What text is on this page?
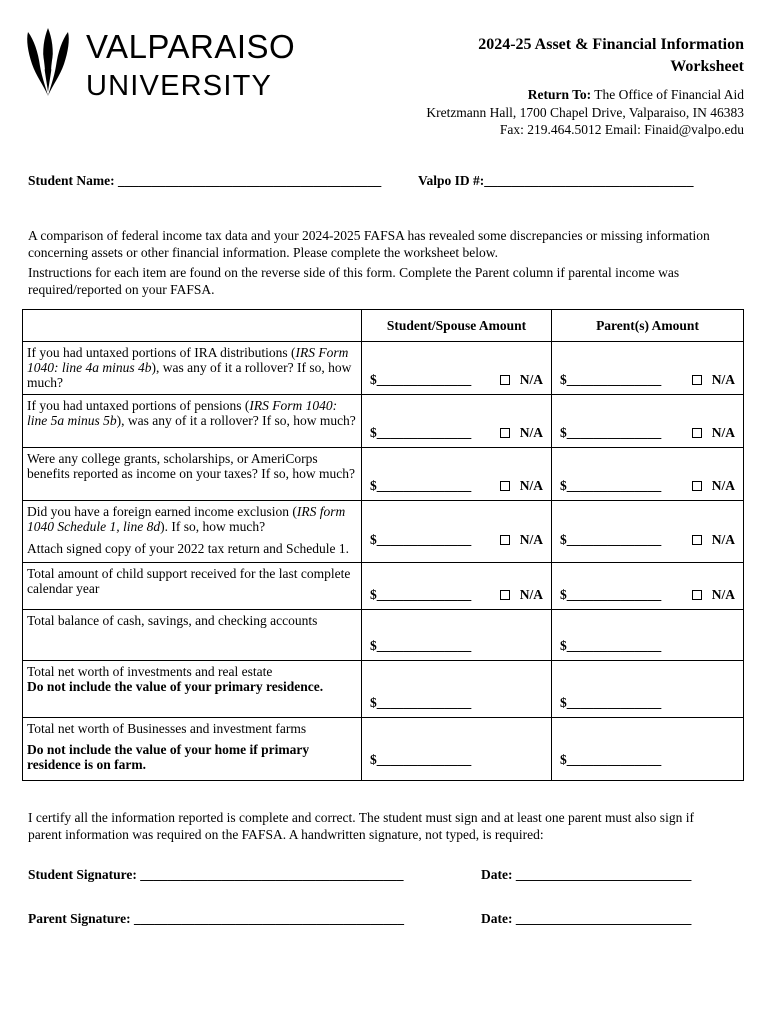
VALPARAISO
UNIVERSITY
2024-25 Asset & Financial Information
Worksheet
Return To: The Office of Financial Aid
Kretzmann Hall, 1700 Chapel Drive, Valparaiso, IN 46383
Fax: 219.464.5012 Email: Finaid@valpo.edu
Student Name: _______________________________________	Valpo ID #:_______________________________
A comparison of federal income tax data and your 2024-2025 FAFSA has revealed some discrepancies or missing information concerning assets or other financial information. Please complete the worksheet below.
Instructions for each item are found on the reverse side of this form. Complete the Parent column if parental income was required/reported on your FAFSA.
	Student/Spouse Amount	Parent(s) Amount
If you had untaxed portions of IRA distributions (IRS Form 1040: line 4a minus 4b), was any of it a rollover? If so, how much?	$______________ N/A	$______________ N/A

If you had untaxed portions of pensions (IRS Form 1040: line 5a minus 5b), was any of it a rollover? If so, how much?	$______________ N/A	$______________ N/A

Were any college grants, scholarships, or AmeriCorps benefits reported as income on your taxes? If so, how much?	$______________ N/A	$______________ N/A

Did you have a foreign earned income exclusion (IRS form 1040 Schedule 1, line 8d). If so, how much?
Attach signed copy of your 2022 tax return and Schedule 1.	$______________ N/A	$______________ N/A

Total amount of child support received for the last complete calendar year	$______________ N/A	$______________ N/A

Total balance of cash, savings, and checking accounts	$______________	$______________

Total net worth of investments and real estate
Do not include the value of your primary residence.	$______________	$______________

Total net worth of Businesses and investment farms
Do not include the value of your home if primary residence is on farm.	$______________	$______________
I certify all the information reported is complete and correct. The student must sign and at least one parent must also sign if parent information was required on the FAFSA. A handwritten signature, not typed, is required:
Student Signature: _______________________________________	Date: __________________________
Parent Signature: ________________________________________	Date: __________________________
